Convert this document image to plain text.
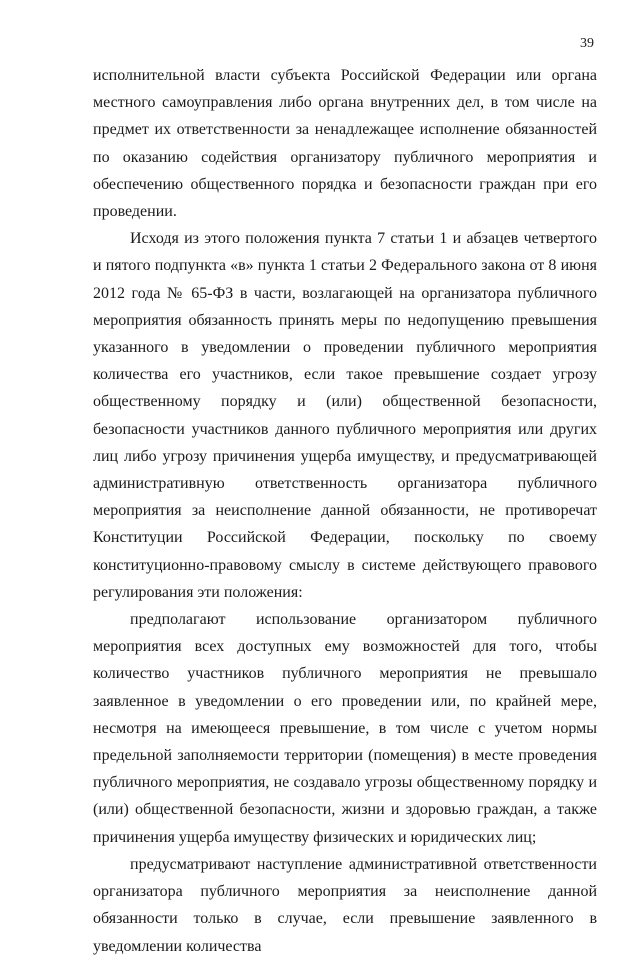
39

исполнительной власти субъекта Российской Федерации или органа местного самоуправления либо органа внутренних дел, в том числе на предмет их ответственности за ненадлежащее исполнение обязанностей по оказанию содействия организатору публичного мероприятия и обеспечению общественного порядка и безопасности граждан при его проведении.

Исходя из этого положения пункта 7 статьи 1 и абзацев четвертого и пятого подпункта «в» пункта 1 статьи 2 Федерального закона от 8 июня 2012 года № 65-ФЗ в части, возлагающей на организатора публичного мероприятия обязанность принять меры по недопущению превышения указанного в уведомлении о проведении публичного мероприятия количества его участников, если такое превышение создает угрозу общественному порядку и (или) общественной безопасности, безопасности участников данного публичного мероприятия или других лиц либо угрозу причинения ущерба имуществу, и предусматривающей административную ответственность организатора публичного мероприятия за неисполнение данной обязанности, не противоречат Конституции Российской Федерации, поскольку по своему конституционно-правовому смыслу в системе действующего правового регулирования эти положения:

предполагают использование организатором публичного мероприятия всех доступных ему возможностей для того, чтобы количество участников публичного мероприятия не превышало заявленное в уведомлении о его проведении или, по крайней мере, несмотря на имеющееся превышение, в том числе с учетом нормы предельной заполняемости территории (помещения) в месте проведения публичного мероприятия, не создавало угрозы общественному порядку и (или) общественной безопасности, жизни и здоровью граждан, а также причинения ущерба имуществу физических и юридических лиц;

предусматривают наступление административной ответственности организатора публичного мероприятия за неисполнение данной обязанности только в случае, если превышение заявленного в уведомлении количества
